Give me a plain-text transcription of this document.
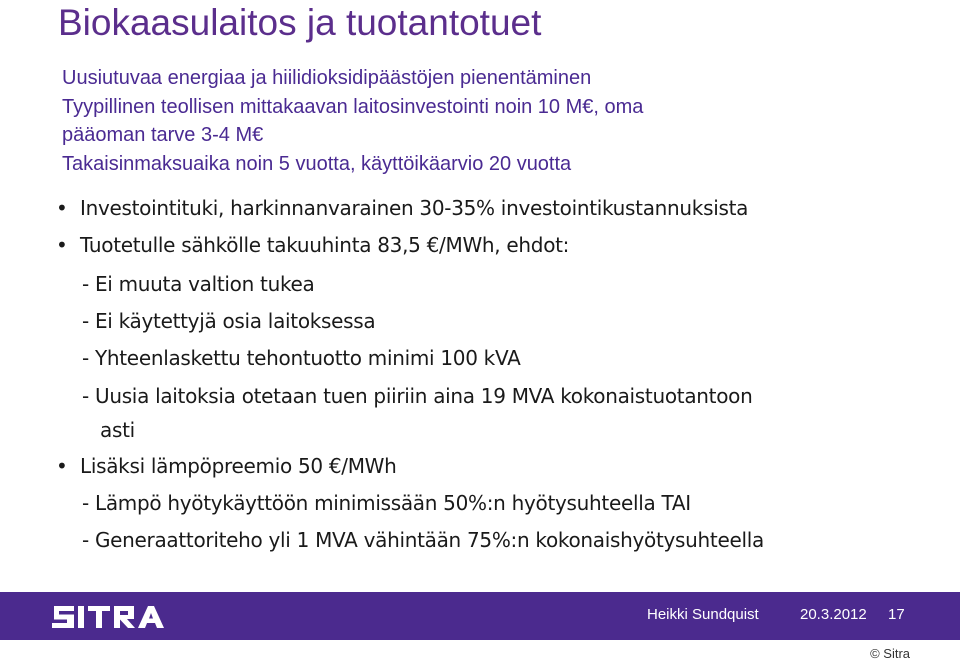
Biokaasulaitos ja tuotantotuet
Uusiutuvaa energiaa ja hiilidioksidipäästöjen pienentäminen
Tyypillinen teollisen mittakaavan laitosinvestointi noin 10 M€, oma
pääoman tarve 3-4 M€
Takaisinmaksuaika noin 5 vuotta, käyttöikäarvio 20 vuotta
• Investointituki, harkinnanvarainen 30-35% investointikustannuksista
• Tuotetulle sähkölle takuuhinta 83,5 €/MWh, ehdot:
- Ei muuta valtion tukea
- Ei käytettyjä osia laitoksessa
- Yhteenlaskettu tehontuotto minimi 100 kVA
- Uusia laitoksia otetaan tuen piiriin aina 19 MVA kokonaistuotantoon
asti
• Lisäksi lämpöpreemio 50 €/MWh
- Lämpö hyötykäyttöön minimissään 50%:n hyötysuhteella TAI
- Generaattoriteho yli 1 MVA vähintään 75%:n kokonaishyötysuhteella
Heikki Sundquist	20.3.2012 17
© Sitra
